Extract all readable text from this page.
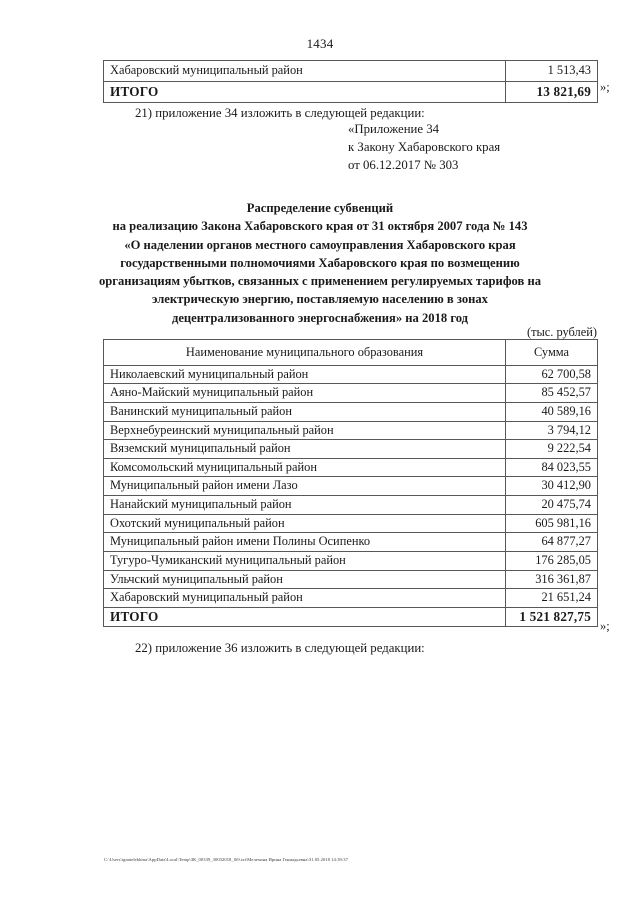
1434
Хабаровский муниципальный район	1 513,43
ИТОГО	13 821,69 »;
21) приложение 34 изложить в следующей редакции:
«Приложение 34
к Закону Хабаровского края
от 06.12.2017 № 303
Распределение субвенций
на реализацию Закона Хабаровского края от 31 октября 2007 года № 143
«О наделении органов местного самоуправления Хабаровского края
государственными полномочиями Хабаровского края по возмещению
организациям убытков, связанных с применением регулируемых тарифов на
электрическую энергию, поставляемую населению в зонах
децентрализованного энергоснабжения» на 2018 год
(тыс. рублей)
Наименование муниципального образования	Сумма
Николаевский муниципальный район	62 700,58
Аяно-Майский муниципальный район	85 452,57
Ванинский муниципальный район	40 589,16
Верхнебуреинский муниципальный район	3 794,12
Вяземский муниципальный район	9 222,54
Комсомольский муниципальный район	84 023,55
Муниципальный район имени Лазо	30 412,90
Нанайский муниципальный район	20 475,74
Охотский муниципальный район	605 981,16
Муниципальный район имени Полины Осипенко	64 877,27
Тугуро-Чумиканский муниципальный район	176 285,05
Ульчский муниципальный район	316 361,87
Хабаровский муниципальный район	21 651,24
ИТОГО	1 521 827,75
»;
22) приложение 36 изложить в следующей редакции:
C:\Users\ignatelekhina\AppData\Local\Temp\ЗК_00339_30032018_0t9.txt\Мелехина Ирина Геннадьевна\31.05.2018 14:39:37
